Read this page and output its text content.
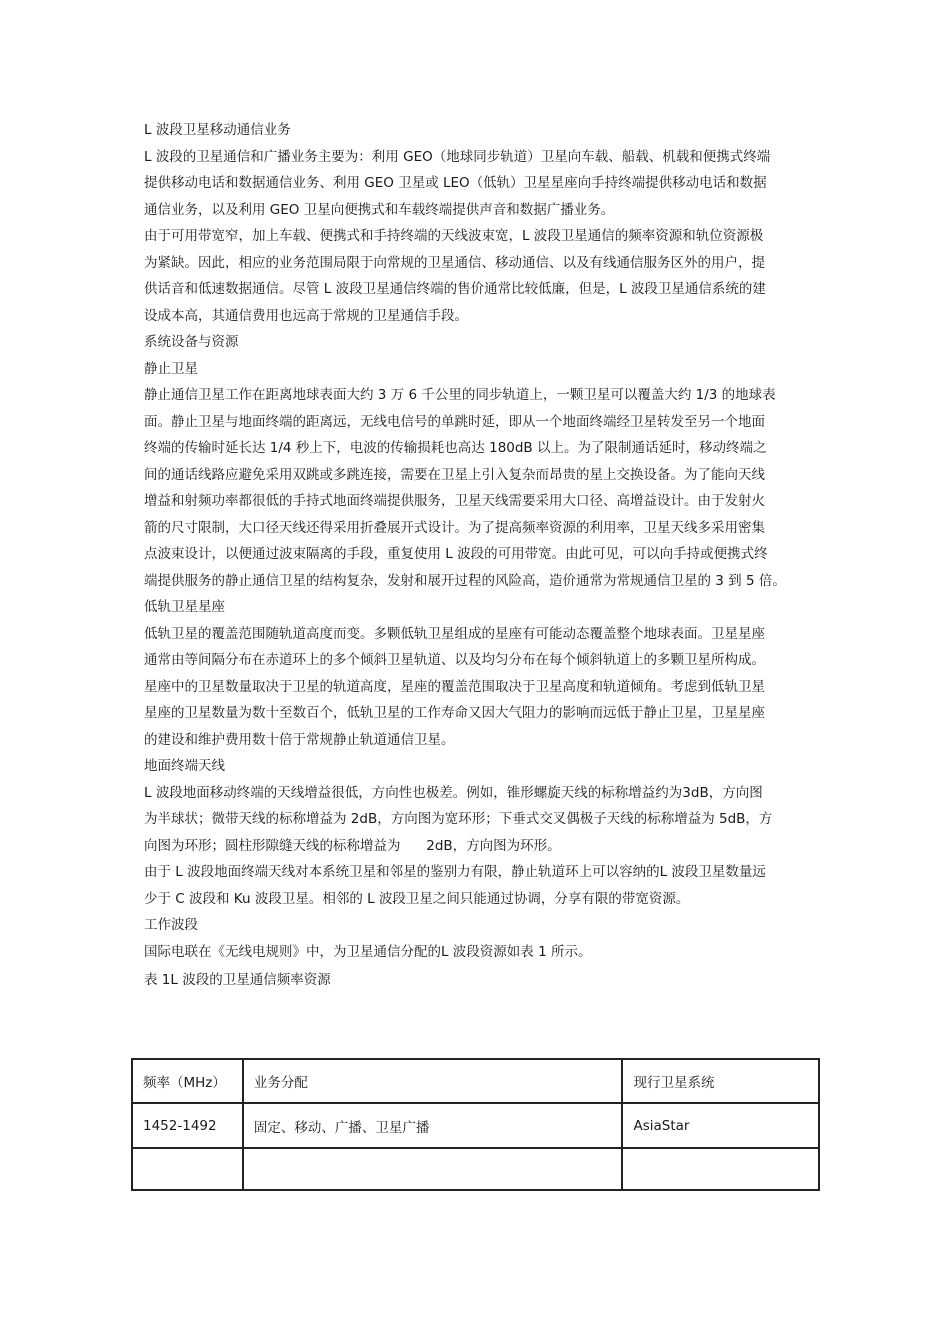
L 波段卫星移动通信业务
L 波段的卫星通信和广播业务主要为：利用 GEO（地球同步轨道）卫星向车载、船载、机载和便携式终端
提供移动电话和数据通信业务、利用 GEO 卫星或 LEO（低轨）卫星星座向手持终端提供移动电话和数据
通信业务，以及利用 GEO 卫星向便携式和车载终端提供声音和数据广播业务。
由于可用带宽窄，加上车载、便携式和手持终端的天线波束宽，L 波段卫星通信的频率资源和轨位资源极
为紧缺。因此，相应的业务范围局限于向常规的卫星通信、移动通信、以及有线通信服务区外的用户，提
供话音和低速数据通信。尽管 L 波段卫星通信终端的售价通常比较低廉，但是，L 波段卫星通信系统的建
设成本高，其通信费用也远高于常规的卫星通信手段。
系统设备与资源
静止卫星
静止通信卫星工作在距离地球表面大约 3 万 6 千公里的同步轨道上，一颗卫星可以覆盖大约 1/3 的地球表
面。静止卫星与地面终端的距离远，无线电信号的单跳时延，即从一个地面终端经卫星转发至另一个地面
终端的传输时延长达 1/4 秒上下，电波的传输损耗也高达 180dB 以上。为了限制通话延时，移动终端之
间的通话线路应避免采用双跳或多跳连接，需要在卫星上引入复杂而昂贵的星上交换设备。为了能向天线
增益和射频功率都很低的手持式地面终端提供服务，卫星天线需要采用大口径、高增益设计。由于发射火
箭的尺寸限制，大口径天线还得采用折叠展开式设计。为了提高频率资源的利用率，卫星天线多采用密集
点波束设计，以便通过波束隔离的手段，重复使用 L 波段的可用带宽。由此可见，可以向手持或便携式终
端提供服务的静止通信卫星的结构复杂，发射和展开过程的风险高，造价通常为常规通信卫星的 3 到 5 倍。
低轨卫星星座
低轨卫星的覆盖范围随轨道高度而变。多颗低轨卫星组成的星座有可能动态覆盖整个地球表面。卫星星座
通常由等间隔分布在赤道环上的多个倾斜卫星轨道、以及均匀分布在每个倾斜轨道上的多颗卫星所构成。
星座中的卫星数量取决于卫星的轨道高度，星座的覆盖范围取决于卫星高度和轨道倾角。考虑到低轨卫星
星座的卫星数量为数十至数百个，低轨卫星的工作寿命又因大气阻力的影响而远低于静止卫星，卫星星座
的建设和维护费用数十倍于常规静止轨道通信卫星。
地面终端天线
L 波段地面移动终端的天线增益很低，方向性也极差。例如，锥形螺旋天线的标称增益约为3dB，方向图
为半球状；微带天线的标称增益为 2dB，方向图为宽环形；下垂式交叉偶极子天线的标称增益为 5dB，方
向图为环形；圆柱形隙缝天线的标称增益为      2dB，方向图为环形。
由于 L 波段地面终端天线对本系统卫星和邻星的鉴别力有限，静止轨道环上可以容纳的L 波段卫星数量远
少于 C 波段和 Ku 波段卫星。相邻的 L 波段卫星之间只能通过协调，分享有限的带宽资源。
工作波段
国际电联在《无线电规则》中，为卫星通信分配的L 波段资源如表 1 所示。
表 1L 波段的卫星通信频率资源
频率（MHz）	业务分配	现行卫星系统
1452-1492	固定、移动、广播、卫星广播	AsiaStar
